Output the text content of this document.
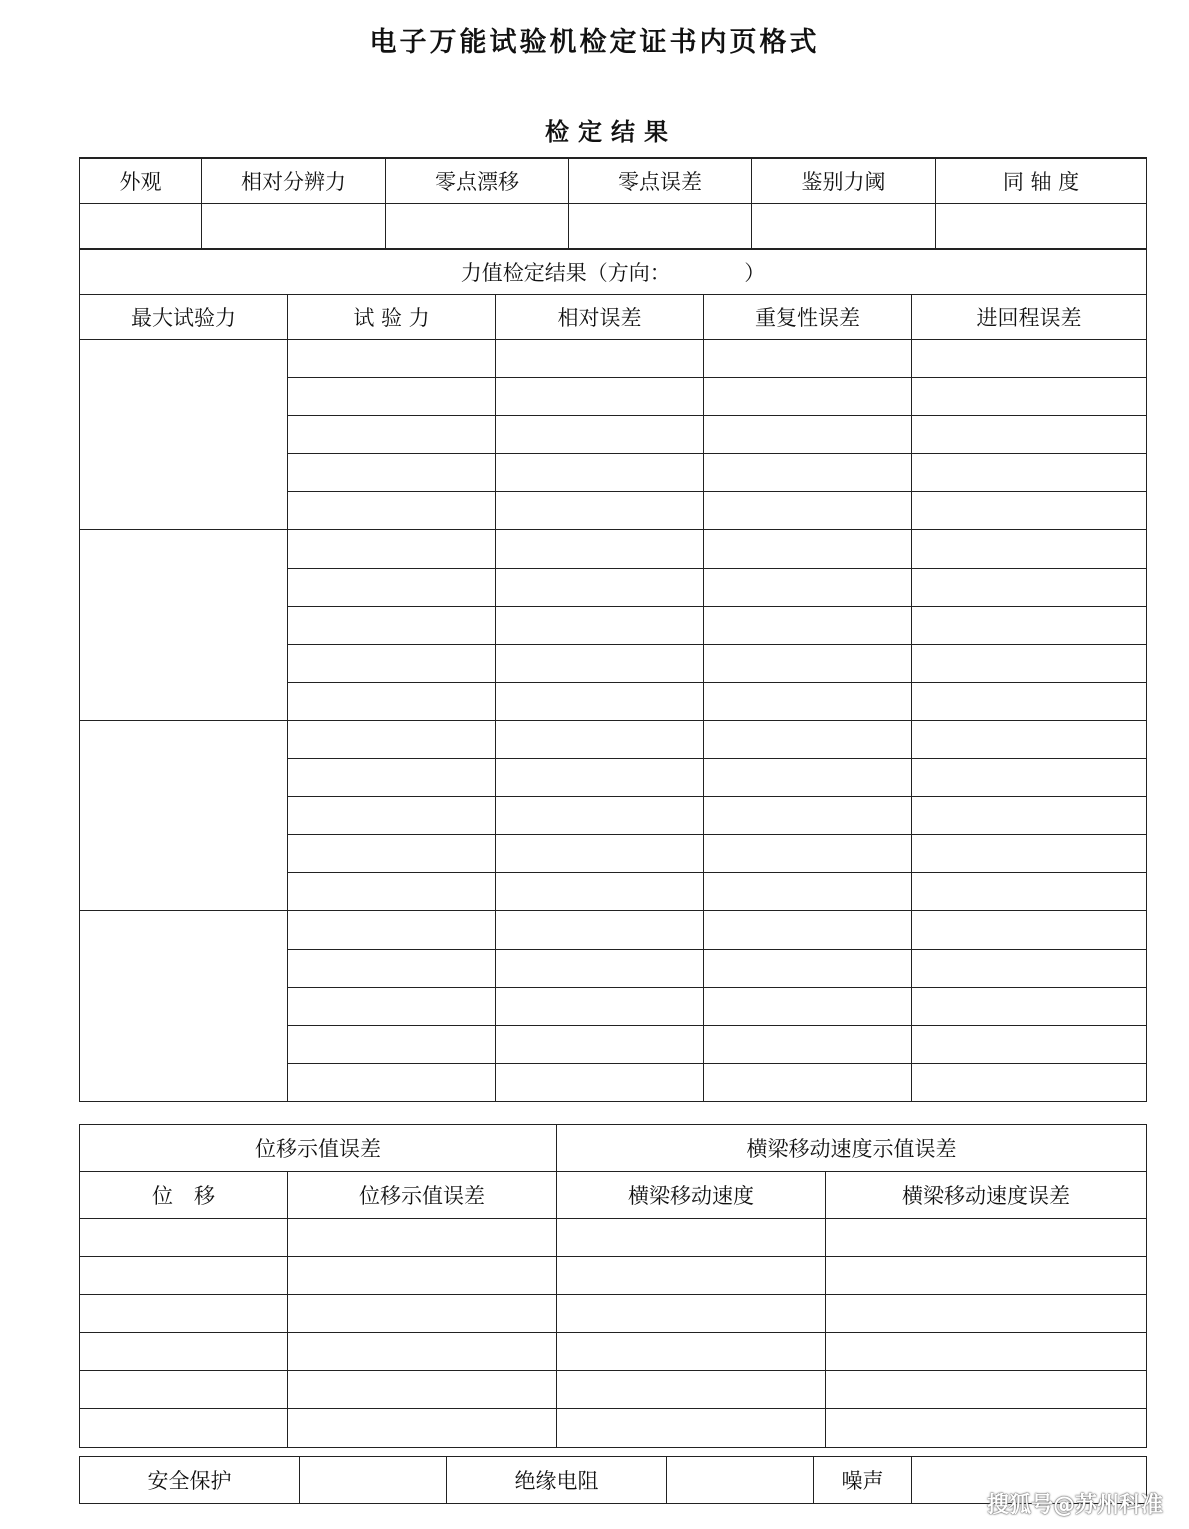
电子万能试验机检定证书内页格式
检定结果
外观	相对分辨力	零点漂移	零点误差	鉴别力阈	同 轴 度

力值检定结果（方向：　　　　）				
最大试验力	试 验 力	相对误差	重复性误差	进回程误差

位移示值误差		横梁移动速度示值误差	
位　移	位移示值误差	横梁移动速度	横梁移动速度误差

安全保护		绝缘电阻		噪声	
搜狐号@苏州科准
